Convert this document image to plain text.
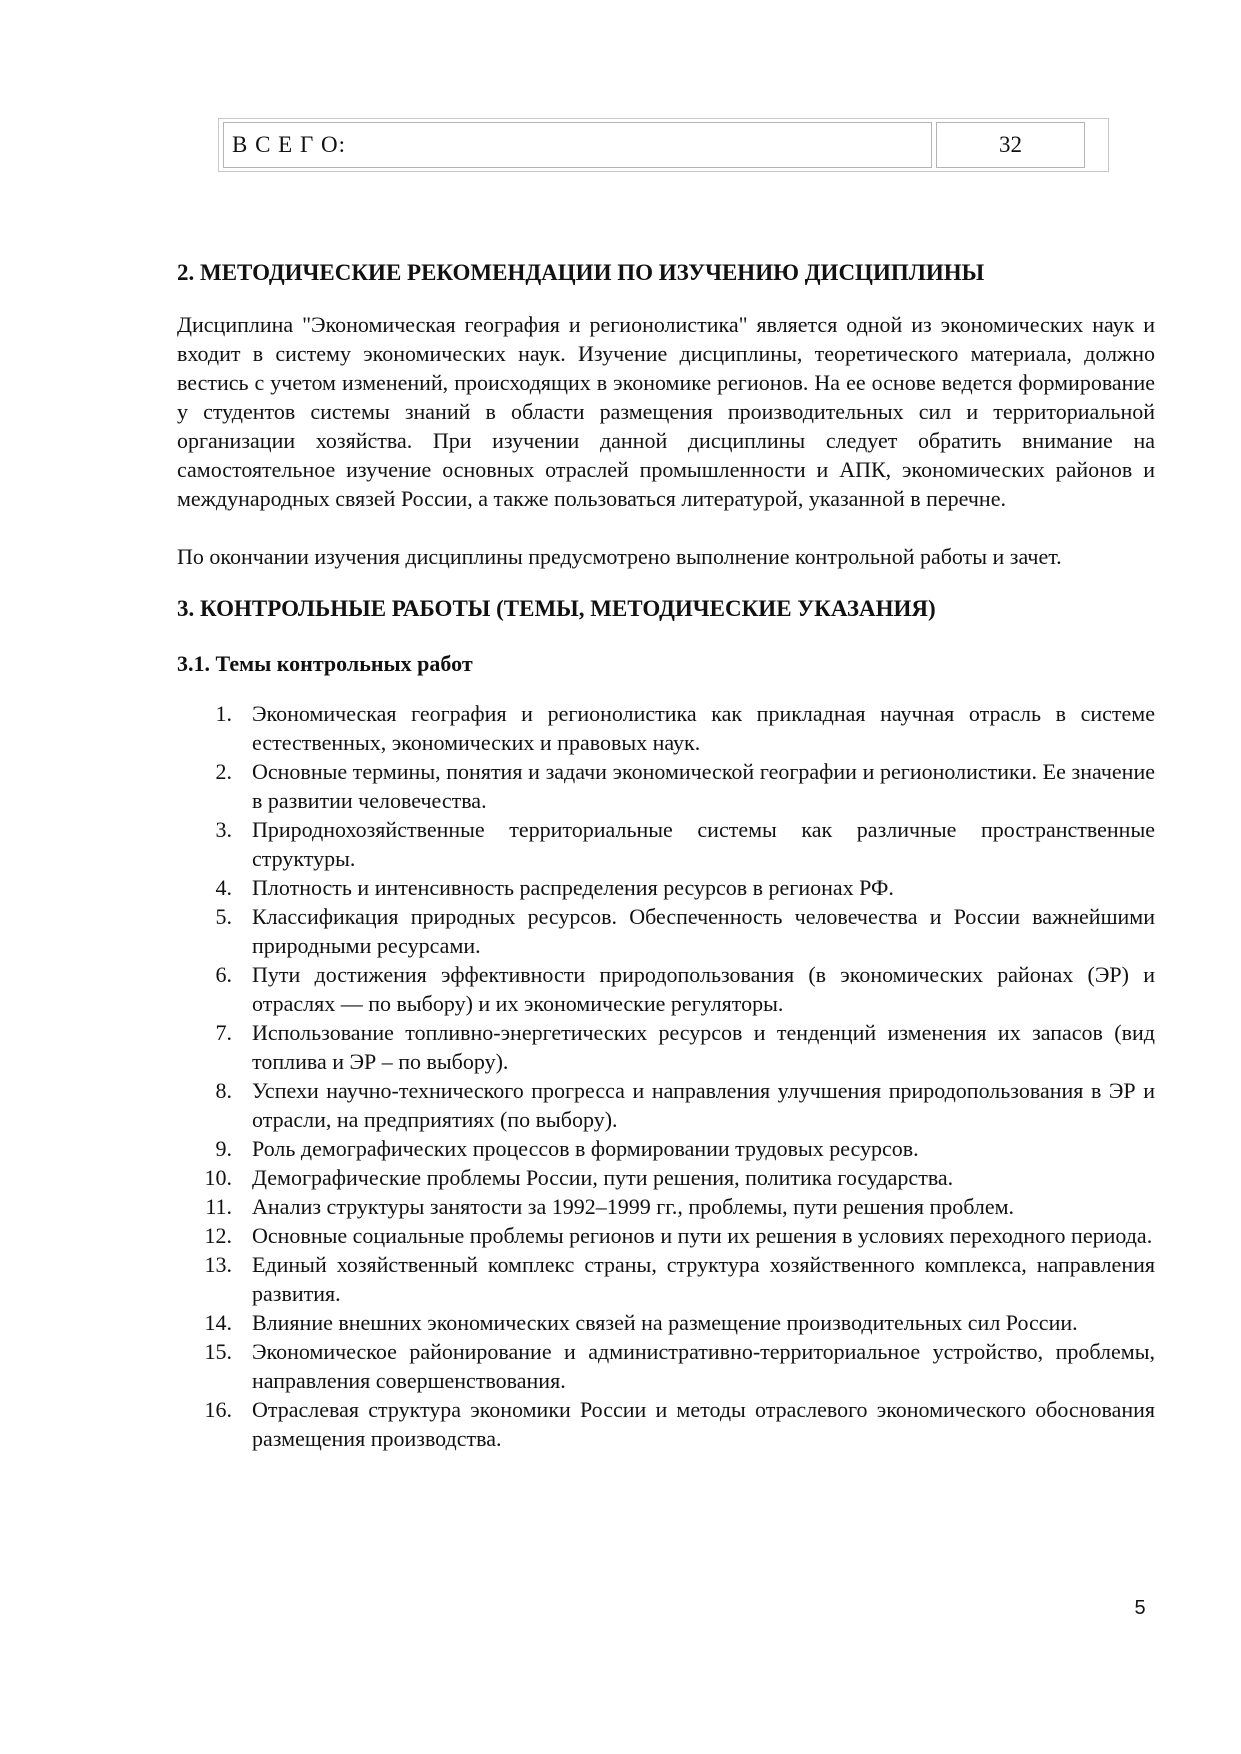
В С Е Г О:	32
2. МЕТОДИЧЕСКИЕ РЕКОМЕНДАЦИИ ПО ИЗУЧЕНИЮ ДИСЦИПЛИНЫ

Дисциплина "Экономическая география и регионолистика" является одной из экономических наук и входит в систему экономических наук. Изучение дисциплины, теоретического материала, должно вестись с учетом изменений, происходящих в экономике регионов. На ее основе ведется формирование у студентов системы знаний в области размещения производительных сил и территориальной организации хозяйства. При изучении данной дисциплины следует обратить внимание на самостоятельное изучение основных отраслей промышленности и АПК, экономических районов и международных связей России, а также пользоваться литературой, указанной в перечне.

По окончании изучения дисциплины предусмотрено выполнение контрольной работы и зачет.

3. КОНТРОЛЬНЫЕ РАБОТЫ (ТЕМЫ, МЕТОДИЧЕСКИЕ УКАЗАНИЯ)
3.1. Темы контрольных работ
1. Экономическая география и регионолистика как прикладная научная отрасль в системе естественных, экономических и правовых наук.
2. Основные термины, понятия и задачи экономической географии и регионолистики. Ее значение в развитии человечества.
3. Природнохозяйственные территориальные системы как различные пространственные структуры.
4. Плотность и интенсивность распределения ресурсов в регионах РФ.
5. Классификация природных ресурсов. Обеспеченность человечества и России важнейшими природными ресурсами.
6. Пути достижения эффективности природопользования (в экономических районах (ЭР) и отраслях — по выбору) и их экономические регуляторы.
7. Использование топливно-энергетических ресурсов и тенденций изменения их запасов (вид топлива и ЭР – по выбору).
8. Успехи научно-технического прогресса и направления улучшения природопользования в ЭР и отрасли, на предприятиях (по выбору).
9. Роль демографических процессов в формировании трудовых ресурсов.
10. Демографические проблемы России, пути решения, политика государства.
11. Анализ структуры занятости за 1992–1999 гг., проблемы, пути решения проблем.
12. Основные социальные проблемы регионов и пути их решения в условиях переходного периода.
13. Единый хозяйственный комплекс страны, структура хозяйственного комплекса, направления развития.
14. Влияние внешних экономических связей на размещение производительных сил России.
15. Экономическое районирование и административно-территориальное устройство, проблемы, направления совершенствования.
16. Отраслевая структура экономики России и методы отраслевого экономического обоснования размещения производства.
5
